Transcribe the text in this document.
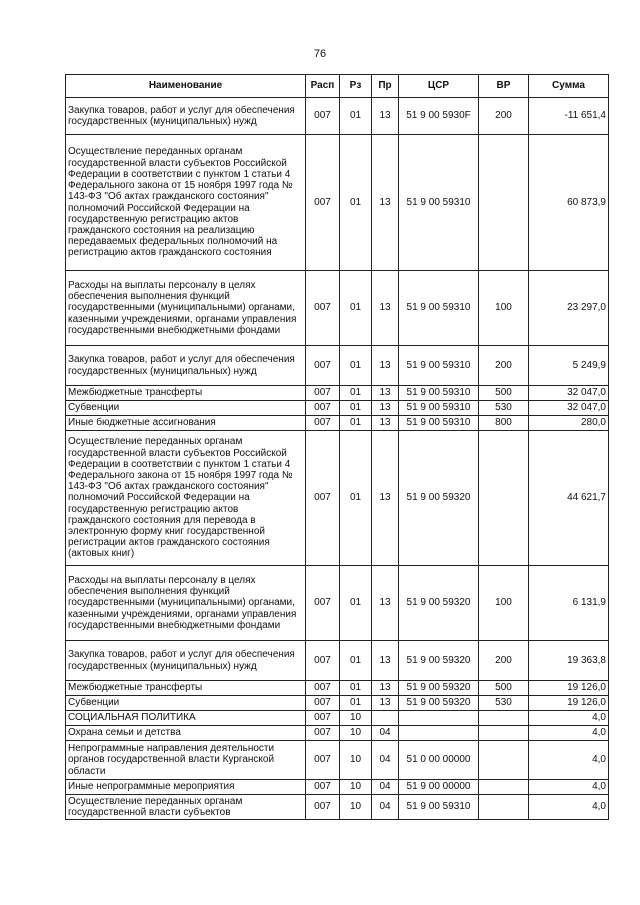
76
Наименование	Расп	Рз	Пр	ЦСР	ВР	Сумма
Закупка товаров, работ и услуг для обеспечения государственных (муниципальных) нужд	007	01	13	51 9 00 5930F	200	-11 651,4
Осуществление переданных органам государственной власти субъектов Российской Федерации в соответствии с пунктом 1 статьи 4 Федерального закона от 15 ноября 1997 года № 143-ФЗ "Об актах гражданского состояния" полномочий Российской Федерации на государственную регистрацию актов гражданского состояния на реализацию передаваемых федеральных полномочий на регистрацию актов гражданского состояния	007	01	13	51 9 00 59310		60 873,9
Расходы на выплаты персоналу в целях обеспечения выполнения функций государственными (муниципальными) органами, казенными учреждениями, органами управления государственными внебюджетными фондами	007	01	13	51 9 00 59310	100	23 297,0
Закупка товаров, работ и услуг для обеспечения государственных (муниципальных) нужд	007	01	13	51 9 00 59310	200	5 249,9
Межбюджетные трансферты	007	01	13	51 9 00 59310	500	32 047,0
Субвенции	007	01	13	51 9 00 59310	530	32 047,0
Иные бюджетные ассигнования	007	01	13	51 9 00 59310	800	280,0
Осуществление переданных органам государственной власти субъектов Российской Федерации в соответствии с пунктом 1 статьи 4 Федерального закона от 15 ноября 1997 года № 143-ФЗ "Об актах гражданского состояния" полномочий Российской Федерации на государственную регистрацию актов гражданского состояния для перевода в электронную форму книг государственной регистрации актов гражданского состояния (актовых книг)	007	01	13	51 9 00 59320		44 621,7
Расходы на выплаты персоналу в целях обеспечения выполнения функций государственными (муниципальными) органами, казенными учреждениями, органами управления государственными внебюджетными фондами	007	01	13	51 9 00 59320	100	6 131,9
Закупка товаров, работ и услуг для обеспечения государственных (муниципальных) нужд	007	01	13	51 9 00 59320	200	19 363,8
Межбюджетные трансферты	007	01	13	51 9 00 59320	500	19 126,0
Субвенции	007	01	13	51 9 00 59320	530	19 126,0
СОЦИАЛЬНАЯ ПОЛИТИКА	007	10				4,0
Охрана семьи и детства	007	10	04			4,0
Непрограммные направления деятельности органов государственной власти Курганской области	007	10	04	51 0 00 00000		4,0
Иные непрограммные мероприятия	007	10	04	51 9 00 00000		4,0
Осуществление переданных органам государственной власти субъектов	007	10	04	51 9 00 59310		4,0
